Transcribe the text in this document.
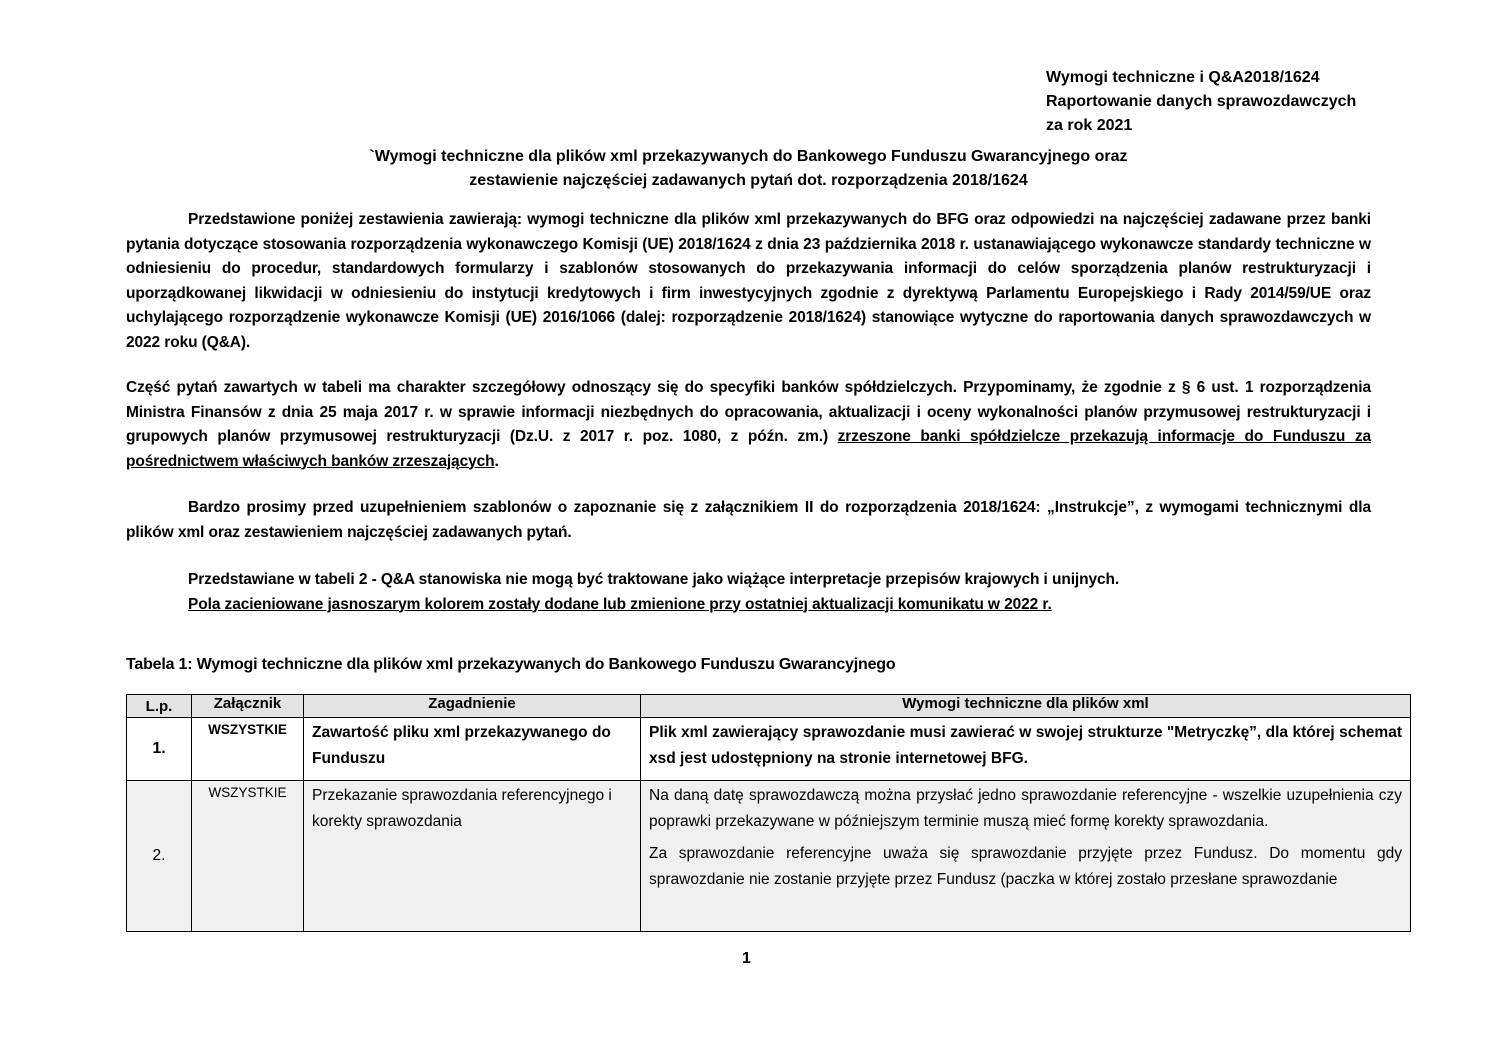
Wymogi techniczne i Q&A2018/1624
Raportowanie danych sprawozdawczych
za rok 2021
`Wymogi techniczne dla plików xml przekazywanych do Bankowego Funduszu Gwarancyjnego oraz
zestawienie najczęściej zadawanych pytań dot. rozporządzenia 2018/1624
Przedstawione poniżej zestawienia zawierają: wymogi techniczne dla plików xml przekazywanych do BFG oraz odpowiedzi na najczęściej zadawane przez banki pytania dotyczące stosowania rozporządzenia wykonawczego Komisji (UE) 2018/1624 z dnia 23 października 2018 r. ustanawiającego wykonawcze standardy techniczne w odniesieniu do procedur, standardowych formularzy i szablonów stosowanych do przekazywania informacji do celów sporządzenia planów restrukturyzacji i uporządkowanej likwidacji w odniesieniu do instytucji kredytowych i firm inwestycyjnych zgodnie z dyrektywą Parlamentu Europejskiego i Rady 2014/59/UE oraz uchylającego rozporządzenie wykonawcze Komisji (UE) 2016/1066 (dalej: rozporządzenie 2018/1624) stanowiące wytyczne do raportowania danych sprawozdawczych w 2022 roku (Q&A).
Część pytań zawartych w tabeli ma charakter szczegółowy odnoszący się do specyfiki banków spółdzielczych. Przypominamy, że zgodnie z § 6 ust. 1 rozporządzenia Ministra Finansów z dnia 25 maja 2017 r. w sprawie informacji niezbędnych do opracowania, aktualizacji i oceny wykonalności planów przymusowej restrukturyzacji i grupowych planów przymusowej restrukturyzacji (Dz.U. z 2017 r. poz. 1080, z późn. zm.) zrzeszone banki spółdzielcze przekazują informacje do Funduszu za pośrednictwem właściwych banków zrzeszających.
Bardzo prosimy przed uzupełnieniem szablonów o zapoznanie się z załącznikiem II do rozporządzenia 2018/1624: „Instrukcje”, z wymogami technicznymi dla plików xml oraz zestawieniem najczęściej zadawanych pytań.
Przedstawiane w tabeli 2 - Q&A stanowiska nie mogą być traktowane jako wiążące interpretacje przepisów krajowych i unijnych.
Pola zacieniowane jasnoszarym kolorem zostały dodane lub zmienione przy ostatniej aktualizacji komunikatu w 2022 r.
Tabela 1: Wymogi techniczne dla plików xml przekazywanych do Bankowego Funduszu Gwarancyjnego
L.p.	Załącznik	Zagadnienie	Wymogi techniczne dla plików xml
1.	WSZYSTKIE	Zawartość pliku xml przekazywanego do Funduszu	Plik xml zawierający sprawozdanie musi zawierać w swojej strukturze "Metryczkę”, dla której schemat xsd jest udostępniony na stronie internetowej BFG.

2.	WSZYSTKIE	Przekazanie sprawozdania referencyjnego i korekty sprawozdania	Na daną datę sprawozdawczą można przysłać jedno sprawozdanie referencyjne - wszelkie uzupełnienia czy poprawki przekazywane w późniejszym terminie muszą mieć formę korekty sprawozdania.

Za sprawozdanie referencyjne uważa się sprawozdanie przyjęte przez Fundusz. Do momentu gdy sprawozdanie nie zostanie przyjęte przez Fundusz (paczka w której zostało przesłane sprawozdanie

1
